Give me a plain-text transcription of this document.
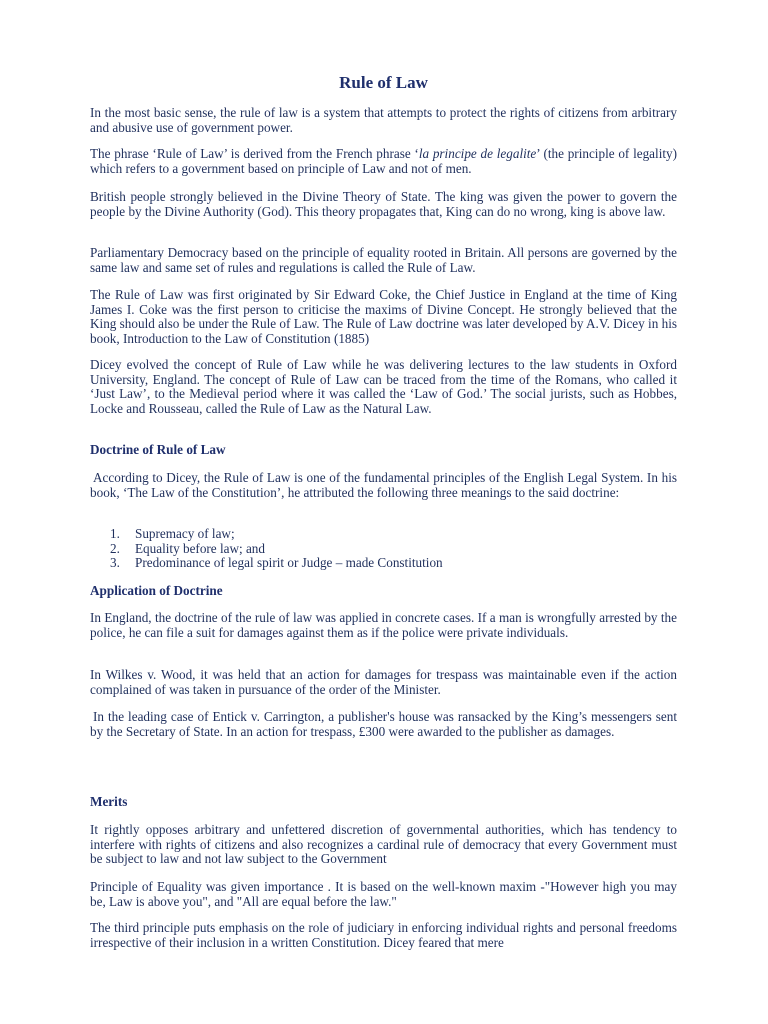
Rule of Law

In the most basic sense, the rule of law is a system that attempts to protect the rights of citizens from arbitrary and abusive use of government power.

The phrase ‘Rule of Law’ is derived from the French phrase ‘la principe de legalite’ (the principle of legality) which refers to a government based on principle of Law and not of men.

British people strongly believed in the Divine Theory of State. The king was given the power to govern the people by the Divine Authority (God). This theory propagates that, King can do no wrong, king is above law.

Parliamentary Democracy based on the principle of equality rooted in Britain. All persons are governed by the same law and same set of rules and regulations is called the Rule of Law.

The Rule of Law was first originated by Sir Edward Coke, the Chief Justice in England at the time of King James I. Coke was the first person to criticise the maxims of Divine Concept. He strongly believed that the King should also be under the Rule of Law. The Rule of Law doctrine was later developed by A.V. Dicey in his book, Introduction to the Law of Constitution (1885)

Dicey evolved the concept of Rule of Law while he was delivering lectures to the law students in Oxford University, England. The concept of Rule of Law can be traced from the time of the Romans, who called it ‘Just Law’, to the Medieval period where it was called the ‘Law of God.’ The social jurists, such as Hobbes, Locke and Rousseau, called the Rule of Law as the Natural Law.

Doctrine of Rule of Law

According to Dicey, the Rule of Law is one of the fundamental principles of the English Legal System. In his book, ‘The Law of the Constitution’, he attributed the following three meanings to the said doctrine:

1. Supremacy of law;
2. Equality before law; and
3. Predominance of legal spirit or Judge – made Constitution
Application of Doctrine

In England, the doctrine of the rule of law was applied in concrete cases. If a man is wrongfully arrested by the police, he can file a suit for damages against them as if the police were private individuals.

In Wilkes v. Wood, it was held that an action for damages for trespass was maintainable even if the action complained of was taken in pursuance of the order of the Minister.

In the leading case of Entick v. Carrington, a publisher's house was ransacked by the King’s messengers sent by the Secretary of State. In an action for trespass, £300 were awarded to the publisher as damages.

Merits

It rightly opposes arbitrary and unfettered discretion of governmental authorities, which has tendency to interfere with rights of citizens and also recognizes a cardinal rule of democracy that every Government must be subject to law and not law subject to the Government

Principle of Equality was given importance . It is based on the well-known maxim -"However high you may be, Law is above you", and "All are equal before the law."

The third principle puts emphasis on the role of judiciary in enforcing individual rights and personal freedoms irrespective of their inclusion in a written Constitution. Dicey feared that mere
